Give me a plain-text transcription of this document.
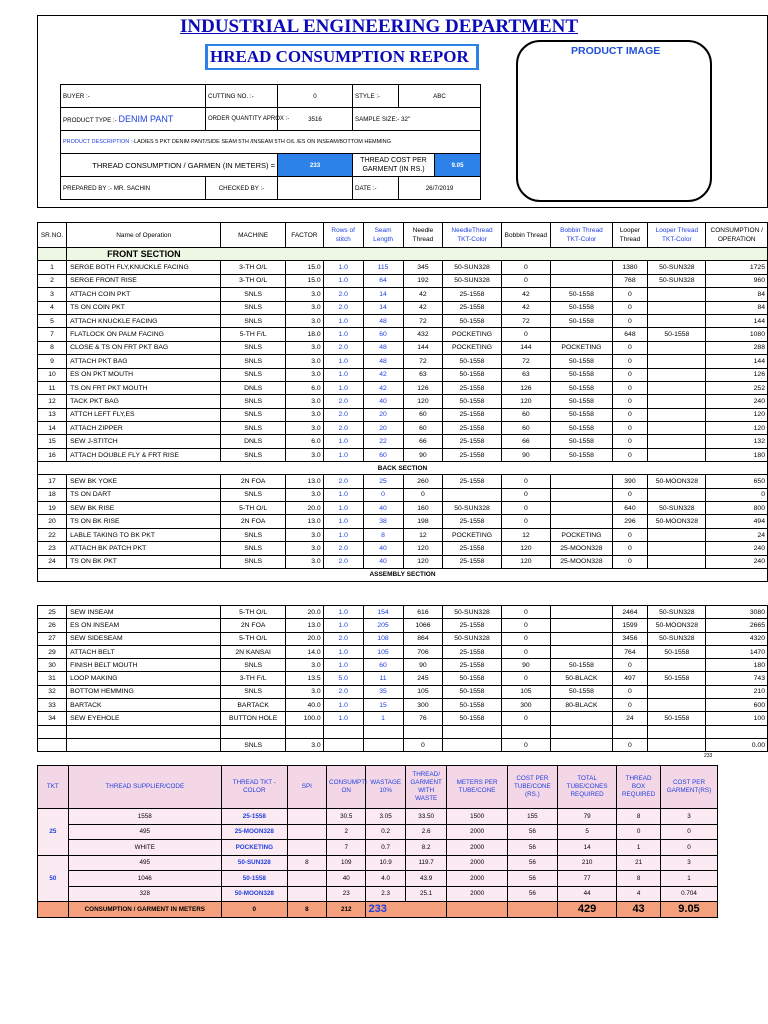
INDUSTRIAL ENGINEERING DEPARTMENT
HREAD CONSUMPTION REPOR	PRODUCT IMAGE
BUYER :-	CUTTING NO. :-	0	STYLE :-	ABC	
PRODUCT TYPE :- DENIM PANT	ORDER QUANTITY APROX :-	3516	SAMPLE SIZE:- 32"		
PRODUCT DESCRIPTION :-LADIES 5 PKT DENIM PANT/SIDE SEAM 5TH /INSEAM 5TH O/L /ES ON INSEAM/BOTTOM HEMMING					
THREAD CONSUMPTION / GARMEN (IN METERS) =		233	THREAD COST PER GARMENT (IN RS.)		9.05
PREPARED BY :- MR. SACHIN	CHECKED BY :-		DATE :-	26/7/2019	
SR.NO.	Name of Operation	MACHINE	FACTOR	Rows of stitch	Seam Length	Needle Thread	NeedleThread TKT-Color	Bobbin Thread	Bobbin Thread TKT-Color	Looper Thread	Looper Thread TKT-Color	CONSUMPTION / OPERATION
	FRONT SECTION											
1	SERGE BOTH FLY,KNUCKLE FACING	3-TH O/L	15.0	1.0	115	345	50-SUN328	0		1380	50-SUN328	1725
2	SERGE FRONT RISE	3-TH O/L	15.0	1.0	64	192	50-SUN328	0		768	50-SUN328	960
3	ATTACH COIN PKT	SNLS	3.0	2.0	14	42	25-1558	42	50-1558	0		84
4	TS ON COIN PKT	SNLS	3.0	2.0	14	42	25-1558	42	50-1558	0		84
5	ATTACH KNUCKLE FACING	SNLS	3.0	1.0	48	72	50-1558	72	50-1558	0		144
7	FLATLOCK ON PALM FACING	5-TH F/L	18.0	1.0	60	432	POCKETING	0		648	50-1558	1080
8	CLOSE & TS ON FRT PKT BAG	SNLS	3.0	2.0	48	144	POCKETING	144	POCKETING	0		288
9	ATTACH PKT BAG	SNLS	3.0	1.0	48	72	50-1558	72	50-1558	0		144
10	ES ON PKT MOUTH	SNLS	3.0	1.0	42	63	50-1558	63	50-1558	0		126
11	TS ON FRT PKT MOUTH	DNLS	6.0	1.0	42	126	25-1558	126	50-1558	0		252
12	TACK PKT BAG	SNLS	3.0	2.0	40	120	50-1558	120	50-1558	0		240
13	ATTCH LEFT FLY,ES	SNLS	3.0	2.0	20	60	25-1558	60	50-1558	0		120
14	ATTACH ZIPPER	SNLS	3.0	2.0	20	60	25-1558	60	50-1558	0		120
15	SEW J-STITCH	DNLS	6.0	1.0	22	66	25-1558	66	50-1558	0		132
16	ATTACH DOUBLE FLY & FRT RISE	SNLS	3.0	1.0	60	90	25-1558	90	50-1558	0		180
BACK SECTION												
17	SEW BK YOKE	2N FOA	13.0	2.0	25	260	25-1558	0		390	50-MOON328	650
18	TS ON DART	SNLS	3.0	1.0	0	0		0		0		0
19	SEW BK RISE	5-TH O/L	20.0	1.0	40	160	50-SUN328	0		640	50-SUN328	800
20	TS ON BK RISE	2N FOA	13.0	1.0	38	198	25-1558	0		296	50-MOON328	494
22	LABLE TAKING TO BK PKT	SNLS	3.0	1.0	8	12	POCKETING	12	POCKETING	0		24
23	ATTACH BK PATCH PKT	SNLS	3.0	2.0	40	120	25-1558	120	25-MOON328	0		240
24	TS ON BK PKT	SNLS	3.0	2.0	40	120	25-1558	120	25-MOON328	0		240
ASSEMBLY SECTION												
25	SEW INSEAM	5-TH O/L	20.0	1.0	154	616	50-SUN328	0		2464	50-SUN328	3080
26	ES ON INSEAM	2N FOA	13.0	1.0	205	1066	25-1558	0		1599	50-MOON328	2665
27	SEW SIDESEAM	5-TH O/L	20.0	2.0	108	864	50-SUN328	0		3456	50-SUN328	4320
29	ATTACH BELT	2N KANSAI	14.0	1.0	105	706	25-1558	0		764	50-1558	1470
30	FINISH BELT MOUTH	SNLS	3.0	1.0	60	90	25-1558	90	50-1558	0		180
31	LOOP MAKING	3-TH F/L	13.5	5.0	11	245	50-1558	0	50-BLACK	497	50-1558	743
32	BOTTOM HEMMING	SNLS	3.0	2.0	35	105	50-1558	105	50-1558	0		210
33	BARTACK	BARTACK	40.0	1.0	15	300	50-1558	300	80-BLACK	0		600
34	SEW EYEHOLE	BUTTON HOLE	100.0	1.0	1	76	50-1558	0		24	50-1558	100

		SNLS	3.0			0		0		0		0.00
233
TKT	THREAD SUPPLIER/CODE	THREAD TKT - COLOR	SPI	CONSUMPTI ON	WASTAGE 10%	THREAD/ GARMENT WITH WASTE	METERS PER TUBE/CONE	COST PER TUBE/CONE (RS.)	TOTAL TUBE/CONES REQUIRED	THREAD BOX REQUIRED	COST PER GARMENT(RS)
25	1558	25-1558		30.5	3.05	33.50	1500	155	79	8	3
	495	25-MOON328		2	0.2	2.6	2000	56	5	0	0
	WHITE	POCKETING		7	0.7	8.2	2000	56	14	1	0
50	495	50-SUN328	8	109	10.9	119.7	2000	56	210	21	3
	1046	50-1558		40	4.0	43.9	2000	56	77	8	1
	328	50-MOON328		23	2.3	25.1	2000	56	44	4	0.704
	CONSUMPTION / GARMENT IN METERS	0	8	212	233				429	43	9.05
